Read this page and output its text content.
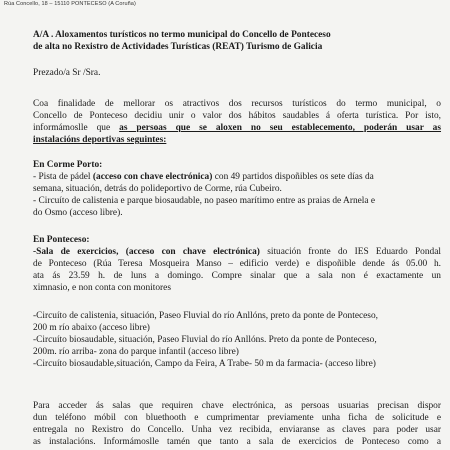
Rúa Concello, 18 – 15110 PONTECESO (A Coruña)
A/A . Aloxamentos turísticos no termo municipal do Concello de Ponteceso
de alta no Rexistro de Actividades Turísticas (REAT) Turismo de Galicia
Prezado/a Sr /Sra.
Coa finalidade de mellorar os atractivos dos recursos turísticos do termo municipal, o
Concello de Ponteceso decidiu unir o valor dos hábitos saudables á oferta turística. Por isto,
informámoslle que as persoas que se aloxen no seu establecemento, poderán usar as
instalacións deportivas seguintes:
En Corme Porto:
- Pista de pádel (acceso con chave electrónica) con 49 partidos dispoñibles os sete días da
semana, situación, detrás do polideportivo de Corme, rúa Cubeiro.
- Circuíto de calistenia e parque biosaudable, no paseo marítimo entre as praias de Arnela e
do Osmo (acceso libre).
En Ponteceso:
-Sala de exercicios, (acceso con chave electrónica) situación fronte do IES Eduardo Pondal
de Ponteceso (Rúa Teresa Mosqueira Manso – edificio verde) e dispoñible dende ás 05.00 h.
ata ás 23.59 h. de luns a domingo. Compre sinalar que a sala non é exactamente un
ximnasio, e non conta con monitores
-Circuíto de calistenia, situación, Paseo Fluvial do río Anllóns, preto da ponte de Ponteceso,
200 m río abaixo (acceso libre)
-Circuíto biosaudable, situación, Paseo Fluvial do río Anllóns. Preto da ponte de Ponteceso,
200m. río arriba- zona do parque infantil (acceso libre)
-Circuíto biosaudable,situación, Campo da Feira, A Trabe- 50 m da farmacia- (acceso libre)
Para acceder ás salas que requiren chave electrónica, as persoas usuarias precisan dispor
dun teléfono móbil con bluethooth e cumprimentar previamente unha ficha de solicitude e
entregala no Rexistro do Concello. Unha vez recibida, enviaranse as claves para poder usar
as instalacións. Informámoslle tamén que tanto a sala de exercicios de Ponteceso como a
